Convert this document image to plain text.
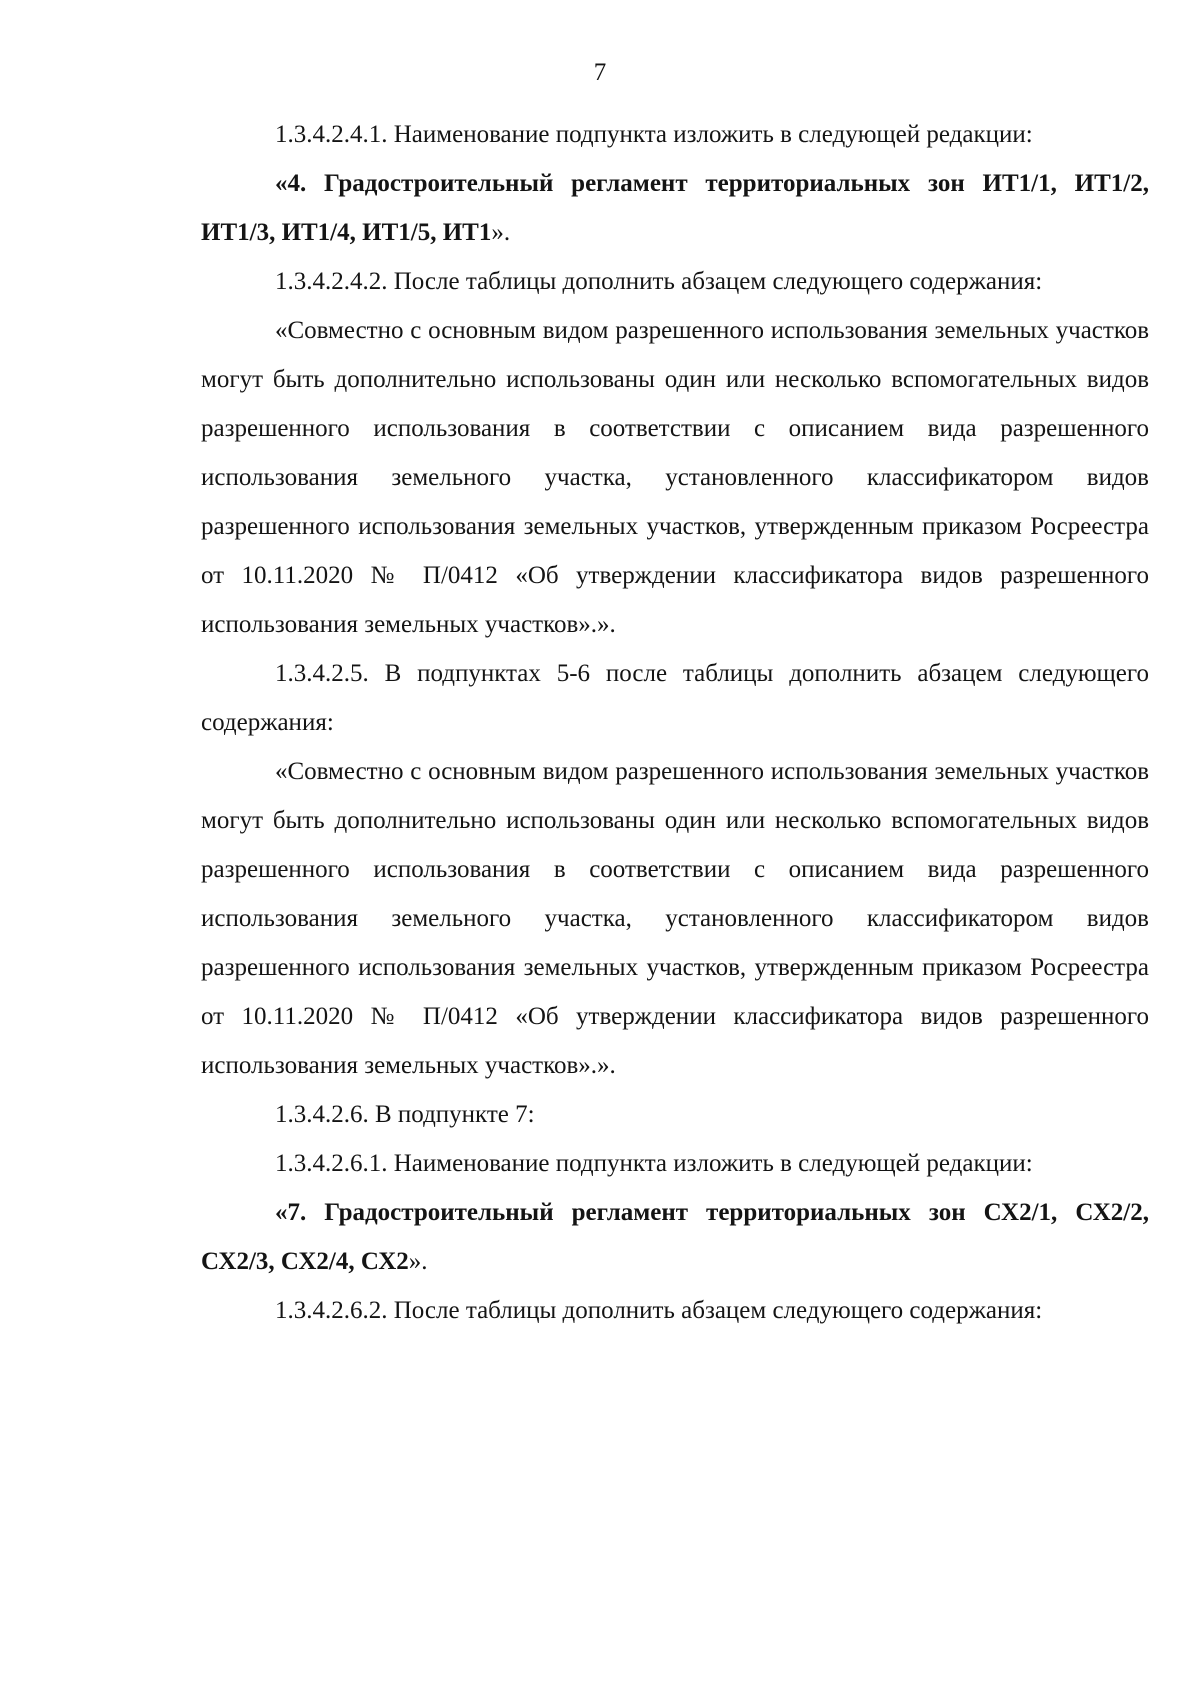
7

1.3.4.2.4.1. Наименование подпункта изложить в следующей редакции:

«4. Градостроительный регламент территориальных зон ИТ1/1, ИТ1/2, ИТ1/3, ИТ1/4, ИТ1/5, ИТ1».

1.3.4.2.4.2. После таблицы дополнить абзацем следующего содержания:

«Совместно с основным видом разрешенного использования земельных участков могут быть дополнительно использованы один или несколько вспомогательных видов разрешенного использования в соответствии с описанием вида разрешенного использования земельного участка, установленного классификатором видов разрешенного использования земельных участков, утвержденным приказом Росреестра от 10.11.2020 № П/0412 «Об утверждении классификатора видов разрешенного использования земельных участков».».

1.3.4.2.5. В подпунктах 5-6 после таблицы дополнить абзацем следующего содержания:

«Совместно с основным видом разрешенного использования земельных участков могут быть дополнительно использованы один или несколько вспомогательных видов разрешенного использования в соответствии с описанием вида разрешенного использования земельного участка, установленного классификатором видов разрешенного использования земельных участков, утвержденным приказом Росреестра от 10.11.2020 № П/0412 «Об утверждении классификатора видов разрешенного использования земельных участков».».

1.3.4.2.6. В подпункте 7:

1.3.4.2.6.1. Наименование подпункта изложить в следующей редакции:

«7. Градостроительный регламент территориальных зон СХ2/1, СХ2/2, СХ2/3, СХ2/4, СХ2».

1.3.4.2.6.2. После таблицы дополнить абзацем следующего содержания:
